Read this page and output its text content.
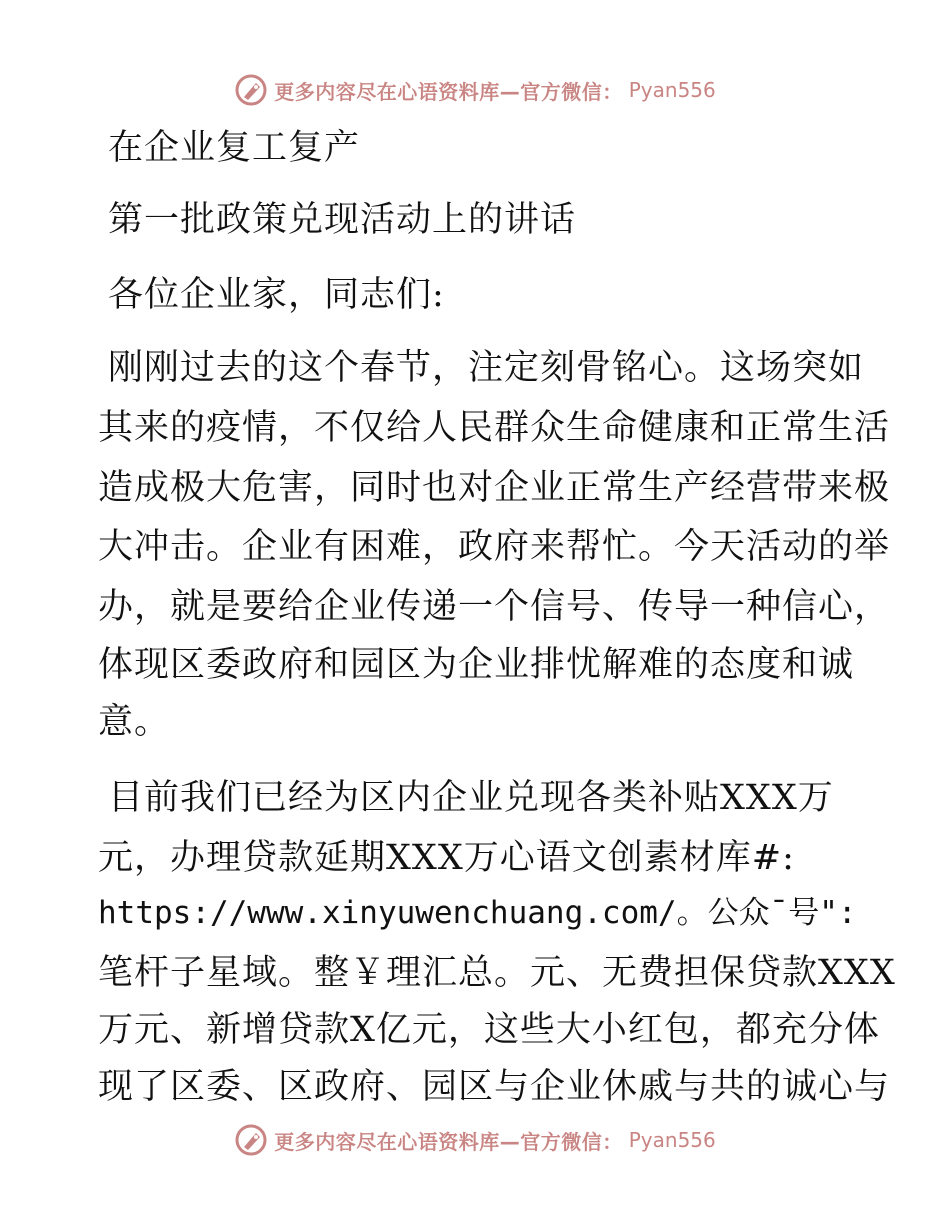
更多内容尽在心语资料库—官方微信： Pyan556
在企业复工复产
第一批政策兑现活动上的讲话
各位企业家，同志们:
刚刚过去的这个春节，注定刻骨铭心。这场突如
其来的疫情，不仅给人民群众生命健康和正常生活
造成极大危害，同时也对企业正常生产经营带来极
大冲击。企业有困难，政府来帮忙。今天活动的举
办，就是要给企业传递一个信号、传导一种信心，
体现区委政府和园区为企业排忧解难的态度和诚
意。
目前我们已经为区内企业兑现各类补贴XXX万
元，办理贷款延期XXX万心语文创素材库#:
https://www.xinyuwenchuang.com/。公众¯号":
笔杆子星域。整￥理汇总。元、无费担保贷款XXX
万元、新增贷款X亿元，这些大小红包，都充分体
现了区委、区政府、园区与企业休戚与共的诚心与
更多内容尽在心语资料库—官方微信： Pyan556
